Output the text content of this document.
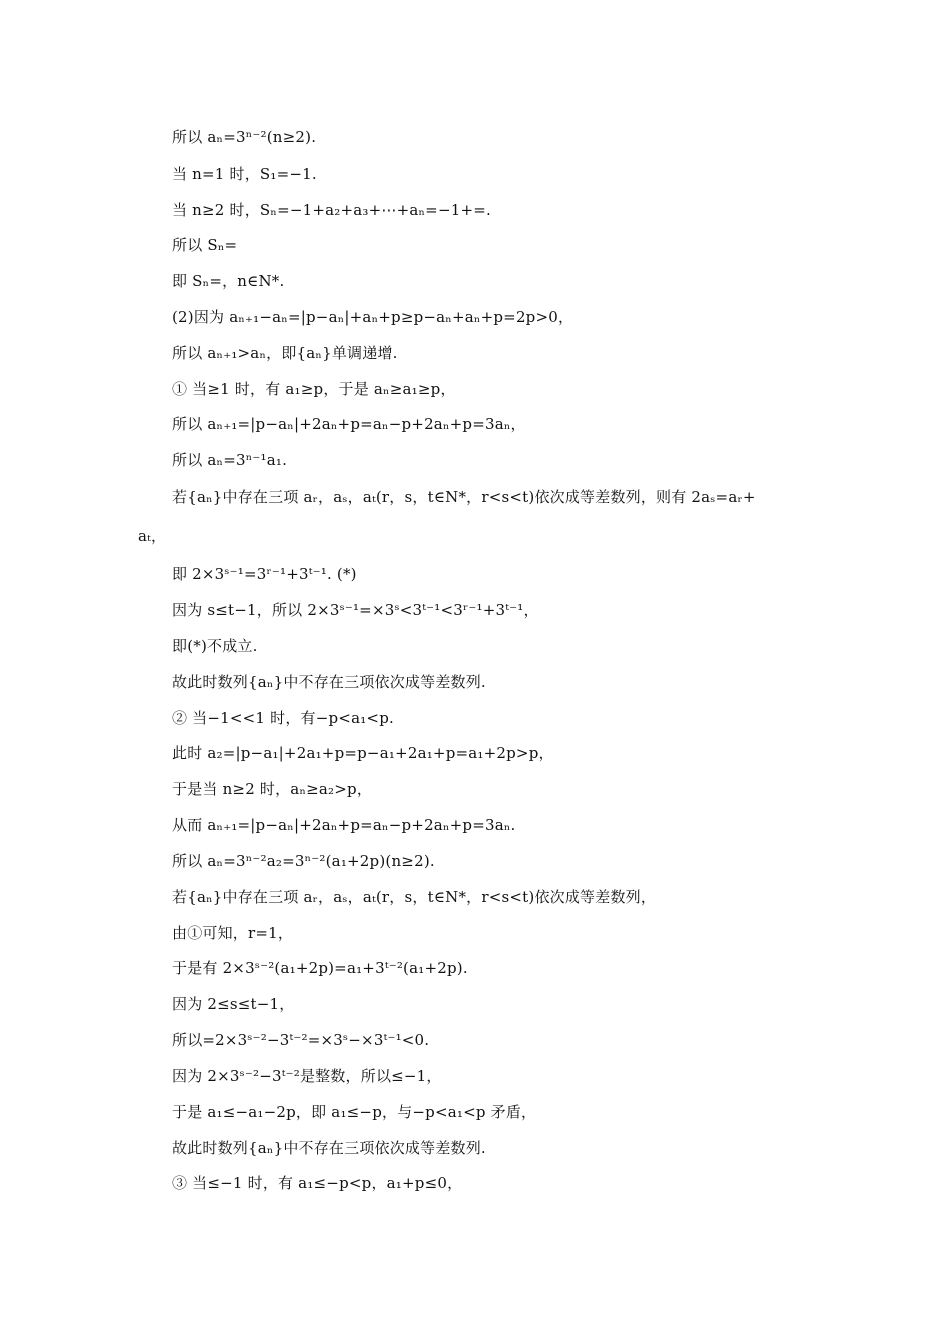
所以 aₙ=3ⁿ⁻²(n≥2).
当 n=1 时，S₁=−1.
当 n≥2 时，Sₙ=−1+a₂+a₃+⋯+aₙ=−1+=.
所以 Sₙ=
即 Sₙ=，n∈N*.
(2)因为 aₙ₊₁−aₙ=|p−aₙ|+aₙ+p≥p−aₙ+aₙ+p=2p>0，
所以 aₙ₊₁>aₙ，即{aₙ}单调递增.
① 当≥1 时，有 a₁≥p，于是 aₙ≥a₁≥p，
所以 aₙ₊₁=|p−aₙ|+2aₙ+p=aₙ−p+2aₙ+p=3aₙ，
所以 aₙ=3ⁿ⁻¹a₁.
若{aₙ}中存在三项 aᵣ，aₛ，aₜ(r，s，t∈N*，r<s<t)依次成等差数列，则有 2aₛ=aᵣ+
aₜ，
即 2×3ˢ⁻¹=3ʳ⁻¹+3ᵗ⁻¹. (*)
因为 s≤t−1，所以 2×3ˢ⁻¹=×3ˢ<3ᵗ⁻¹<3ʳ⁻¹+3ᵗ⁻¹，
即(*)不成立.
故此时数列{aₙ}中不存在三项依次成等差数列.
② 当−1<<1 时，有−p<a₁<p.
此时 a₂=|p−a₁|+2a₁+p=p−a₁+2a₁+p=a₁+2p>p，
于是当 n≥2 时，aₙ≥a₂>p，
从而 aₙ₊₁=|p−aₙ|+2aₙ+p=aₙ−p+2aₙ+p=3aₙ.
所以 aₙ=3ⁿ⁻²a₂=3ⁿ⁻²(a₁+2p)(n≥2).
若{aₙ}中存在三项 aᵣ，aₛ，aₜ(r，s，t∈N*，r<s<t)依次成等差数列，
由①可知，r=1，
于是有 2×3ˢ⁻²(a₁+2p)=a₁+3ᵗ⁻²(a₁+2p).
因为 2≤s≤t−1，
所以=2×3ˢ⁻²−3ᵗ⁻²=×3ˢ−×3ᵗ⁻¹<0.
因为 2×3ˢ⁻²−3ᵗ⁻²是整数，所以≤−1，
于是 a₁≤−a₁−2p，即 a₁≤−p，与−p<a₁<p 矛盾，
故此时数列{aₙ}中不存在三项依次成等差数列.
③ 当≤−1 时，有 a₁≤−p<p，a₁+p≤0，
